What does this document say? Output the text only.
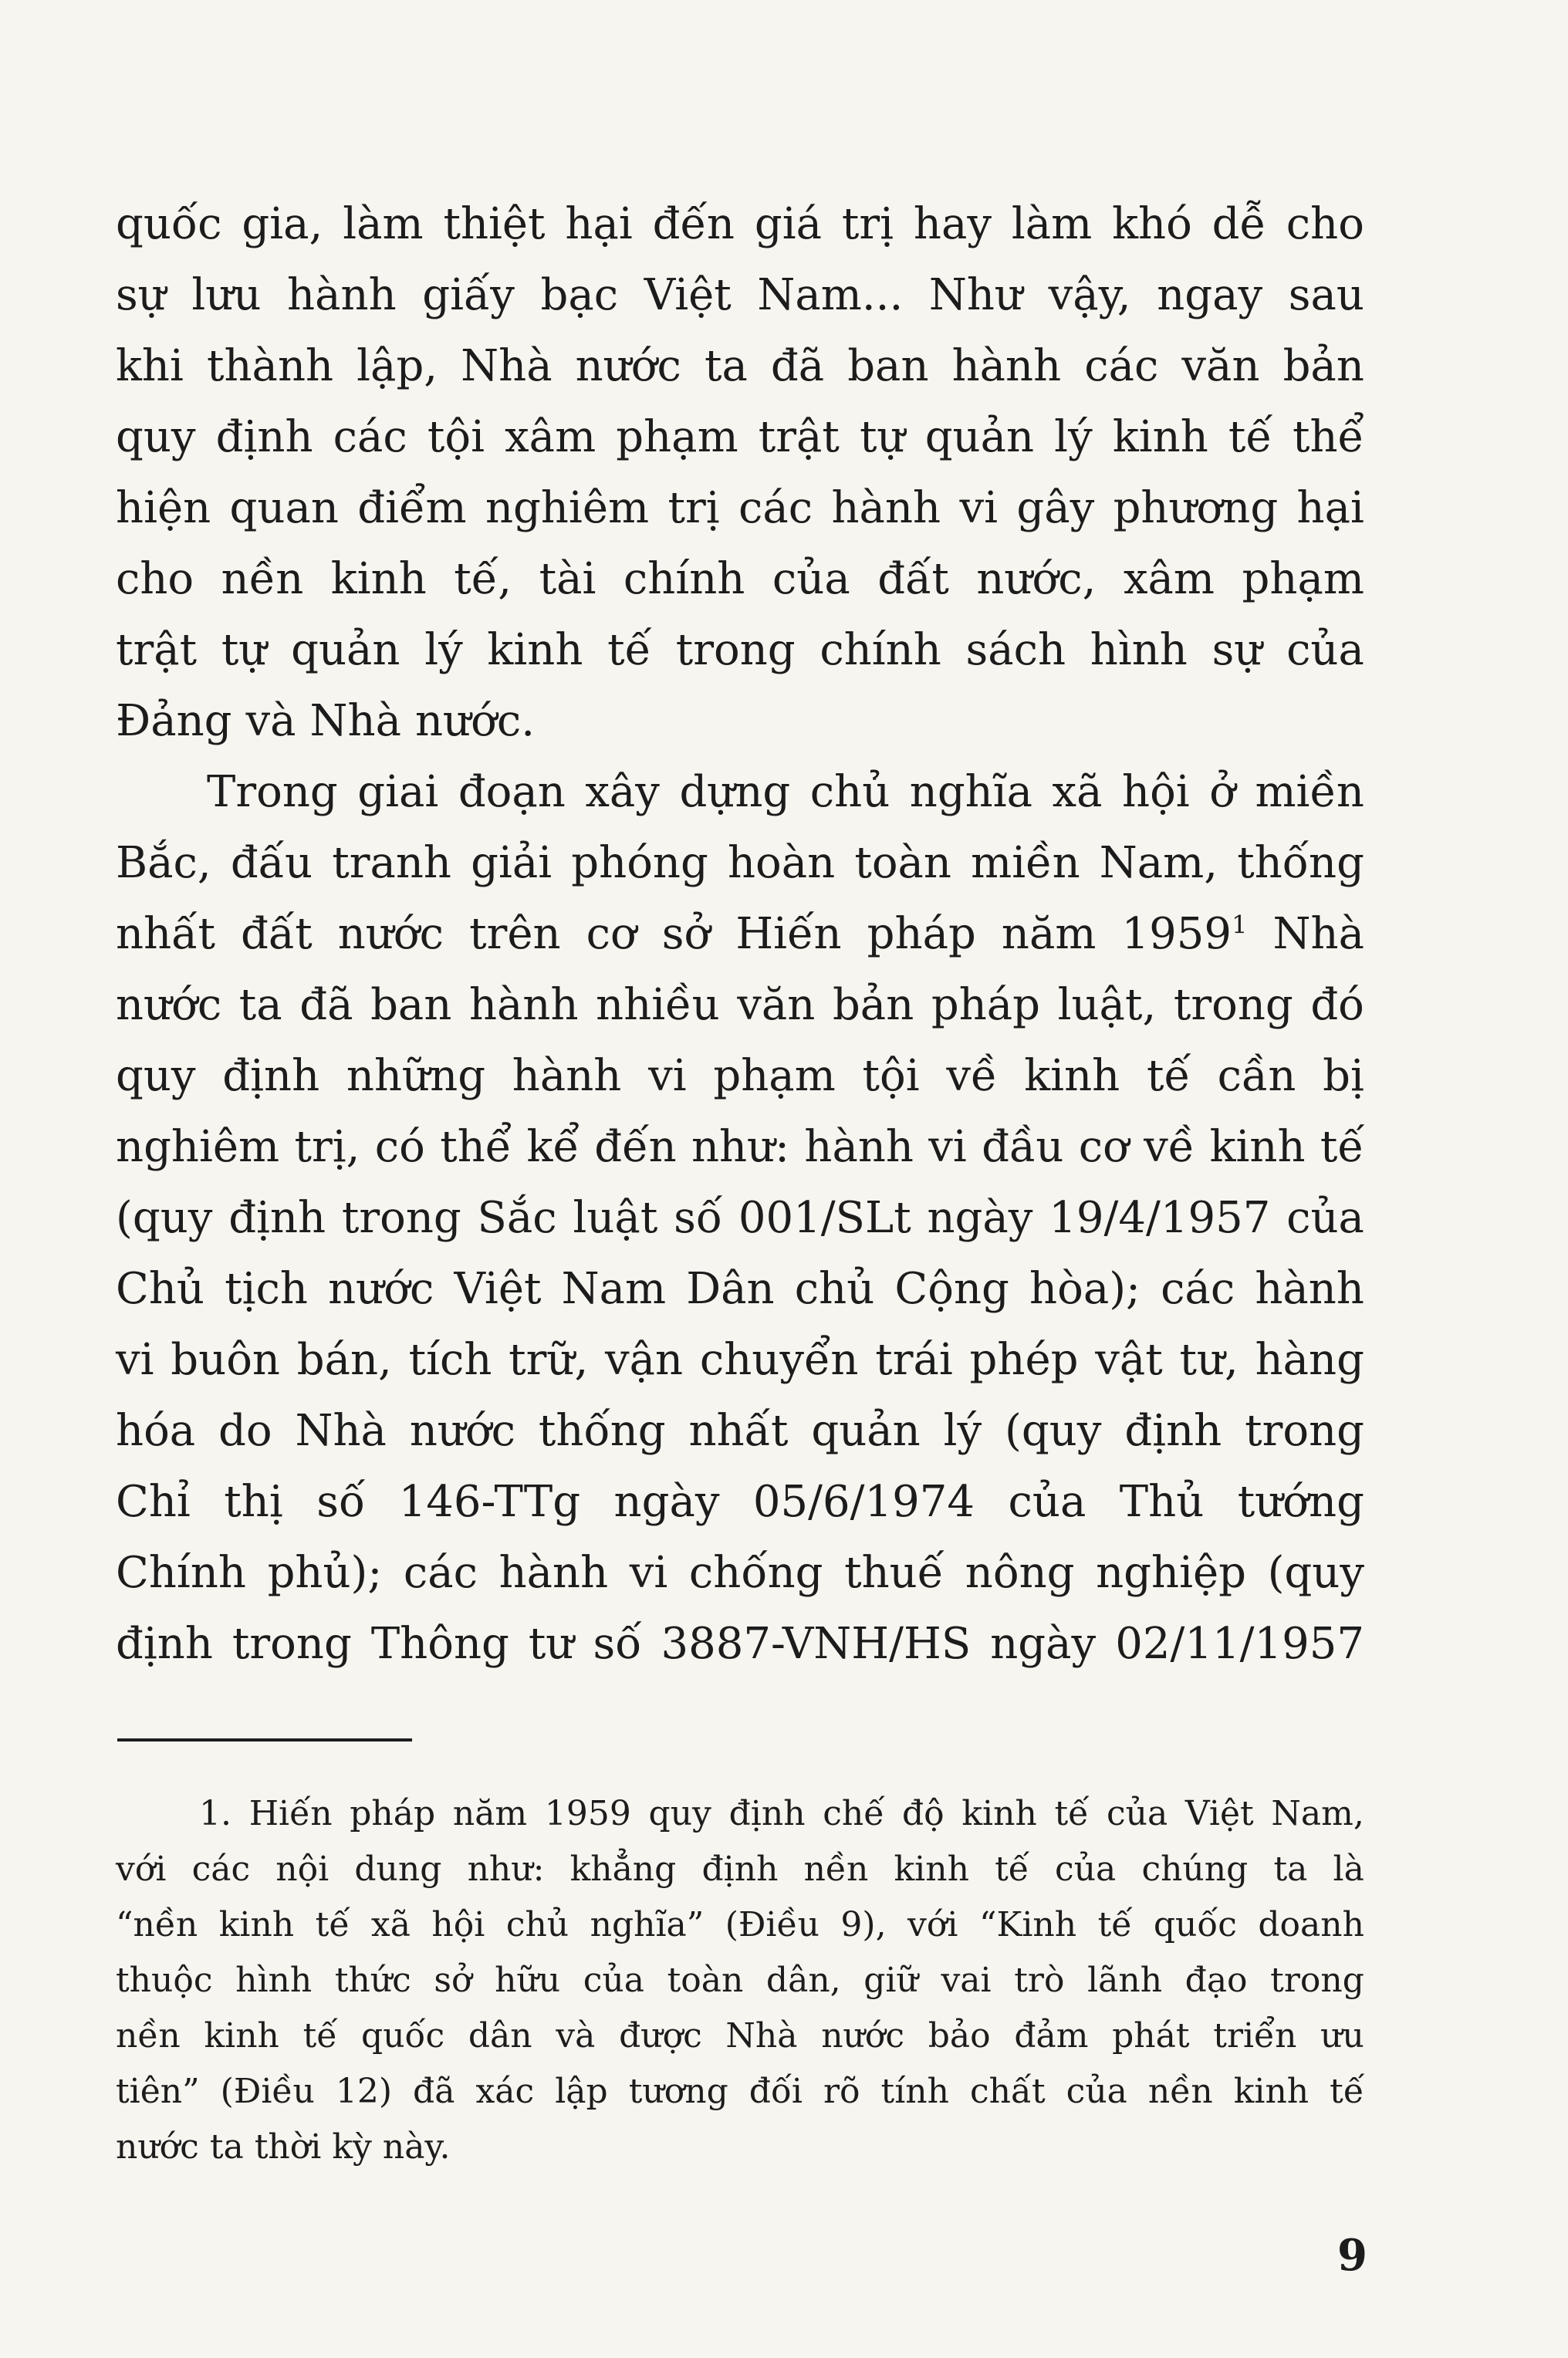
quốc gia, làm thiệt hại đến giá trị hay làm khó dễ cho
sự lưu hành giấy bạc Việt Nam... Như vậy, ngay sau
khi thành lập, Nhà nước ta đã ban hành các văn bản
quy định các tội xâm phạm trật tự quản lý kinh tế thể
hiện quan điểm nghiêm trị các hành vi gây phương hại
cho nền kinh tế, tài chính của đất nước, xâm phạm
trật tự quản lý kinh tế trong chính sách hình sự của
Đảng và Nhà nước.
Trong giai đoạn xây dựng chủ nghĩa xã hội ở miền
Bắc, đấu tranh giải phóng hoàn toàn miền Nam, thống
nhất đất nước trên cơ sở Hiến pháp năm 1959$^1$ Nhà
nước ta đã ban hành nhiều văn bản pháp luật, trong đó
quy định những hành vi phạm tội về kinh tế cần bị
nghiêm trị, có thể kể đến như: hành vi đầu cơ về kinh tế
(quy định trong Sắc luật số 001/SLt ngày 19/4/1957 của
Chủ tịch nước Việt Nam Dân chủ Cộng hòa); các hành
vi buôn bán, tích trữ, vận chuyển trái phép vật tư, hàng
hóa do Nhà nước thống nhất quản lý (quy định trong
Chỉ thị số 146-TTg ngày 05/6/1974 của Thủ tướng
Chính phủ); các hành vi chống thuế nông nghiệp (quy
định trong Thông tư số 3887-VNH/HS ngày 02/11/1957
1. Hiến pháp năm 1959 quy định chế độ kinh tế của Việt Nam,
với các nội dung như: khẳng định nền kinh tế của chúng ta là
“nền kinh tế xã hội chủ nghĩa” (Điều 9), với “Kinh tế quốc doanh
thuộc hình thức sở hữu của toàn dân, giữ vai trò lãnh đạo trong
nền kinh tế quốc dân và được Nhà nước bảo đảm phát triển ưu
tiên” (Điều 12) đã xác lập tương đối rõ tính chất của nền kinh tế
nước ta thời kỳ này.
9
